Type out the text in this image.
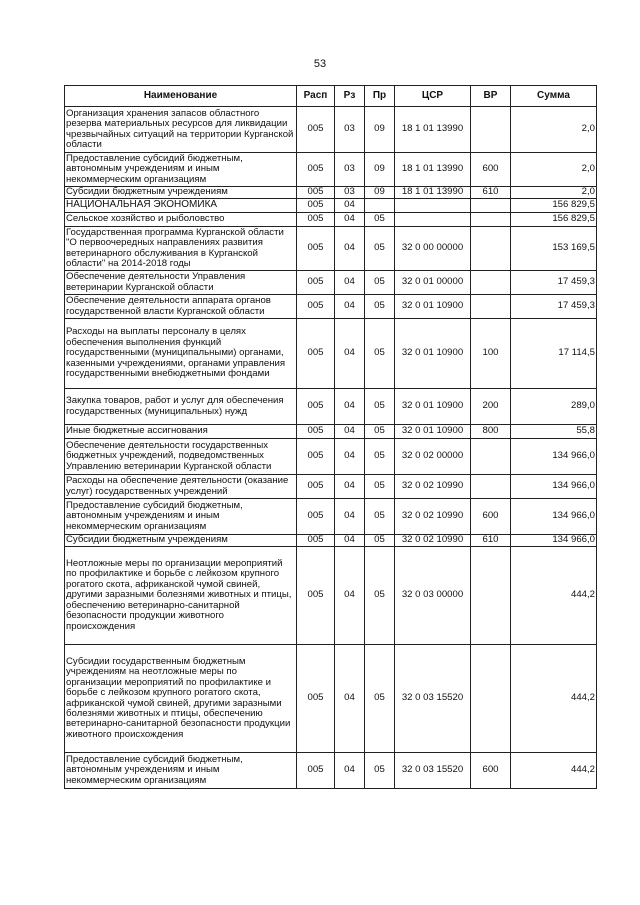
53
Наименование	Расп	Рз	Пр	ЦСР	ВР	Сумма
Организация хранения запасов областного резерва материальных ресурсов для ликвидации чрезвычайных ситуаций на территории Курганской области	005	03	09	18 1 01 13990		2,0
Предоставление субсидий бюджетным, автономным учреждениям и иным некоммерческим организациям	005	03	09	18 1 01 13990	600	2,0
Субсидии бюджетным учреждениям	005	03	09	18 1 01 13990	610	2,0
НАЦИОНАЛЬНАЯ ЭКОНОМИКА	005	04				156 829,5
Сельское хозяйство и рыболовство	005	04	05			156 829,5
Государственная программа Курганской области "О первоочередных направлениях развития ветеринарного обслуживания в Курганской области" на 2014-2018 годы	005	04	05	32 0 00 00000		153 169,5
Обеспечение деятельности Управления ветеринарии Курганской области	005	04	05	32 0 01 00000		17 459,3
Обеспечение деятельности аппарата органов государственной власти Курганской области	005	04	05	32 0 01 10900		17 459,3
Расходы на выплаты персоналу в целях обеспечения выполнения функций государственными (муниципальными) органами, казенными учреждениями, органами управления государственными внебюджетными фондами	005	04	05	32 0 01 10900	100	17 114,5
Закупка товаров, работ и услуг для обеспечения государственных (муниципальных) нужд	005	04	05	32 0 01 10900	200	289,0
Иные бюджетные ассигнования	005	04	05	32 0 01 10900	800	55,8
Обеспечение деятельности государственных бюджетных учреждений, подведомственных Управлению ветеринарии Курганской области	005	04	05	32 0 02 00000		134 966,0
Расходы на обеспечение деятельности (оказание услуг) государственных учреждений	005	04	05	32 0 02 10990		134 966,0
Предоставление субсидий бюджетным, автономным учреждениям и иным некоммерческим организациям	005	04	05	32 0 02 10990	600	134 966,0
Субсидии бюджетным учреждениям	005	04	05	32 0 02 10990	610	134 966,0
Неотложные меры по организации мероприятий по профилактике и борьбе с лейкозом крупного рогатого скота, африканской чумой свиней, другими заразными болезнями животных и птицы, обеспечению ветеринарно-санитарной безопасности продукции животного происхождения	005	04	05	32 0 03 00000		444,2
Субсидии государственным бюджетным учреждениям на неотложные меры по организации мероприятий по профилактике и борьбе с лейкозом крупного рогатого скота, африканской чумой свиней, другими заразными болезнями животных и птицы, обеспечению ветеринарно-санитарной безопасности продукции животного происхождения	005	04	05	32 0 03 15520		444,2
Предоставление субсидий бюджетным, автономным учреждениям и иным некоммерческим организациям	005	04	05	32 0 03 15520	600	444,2
